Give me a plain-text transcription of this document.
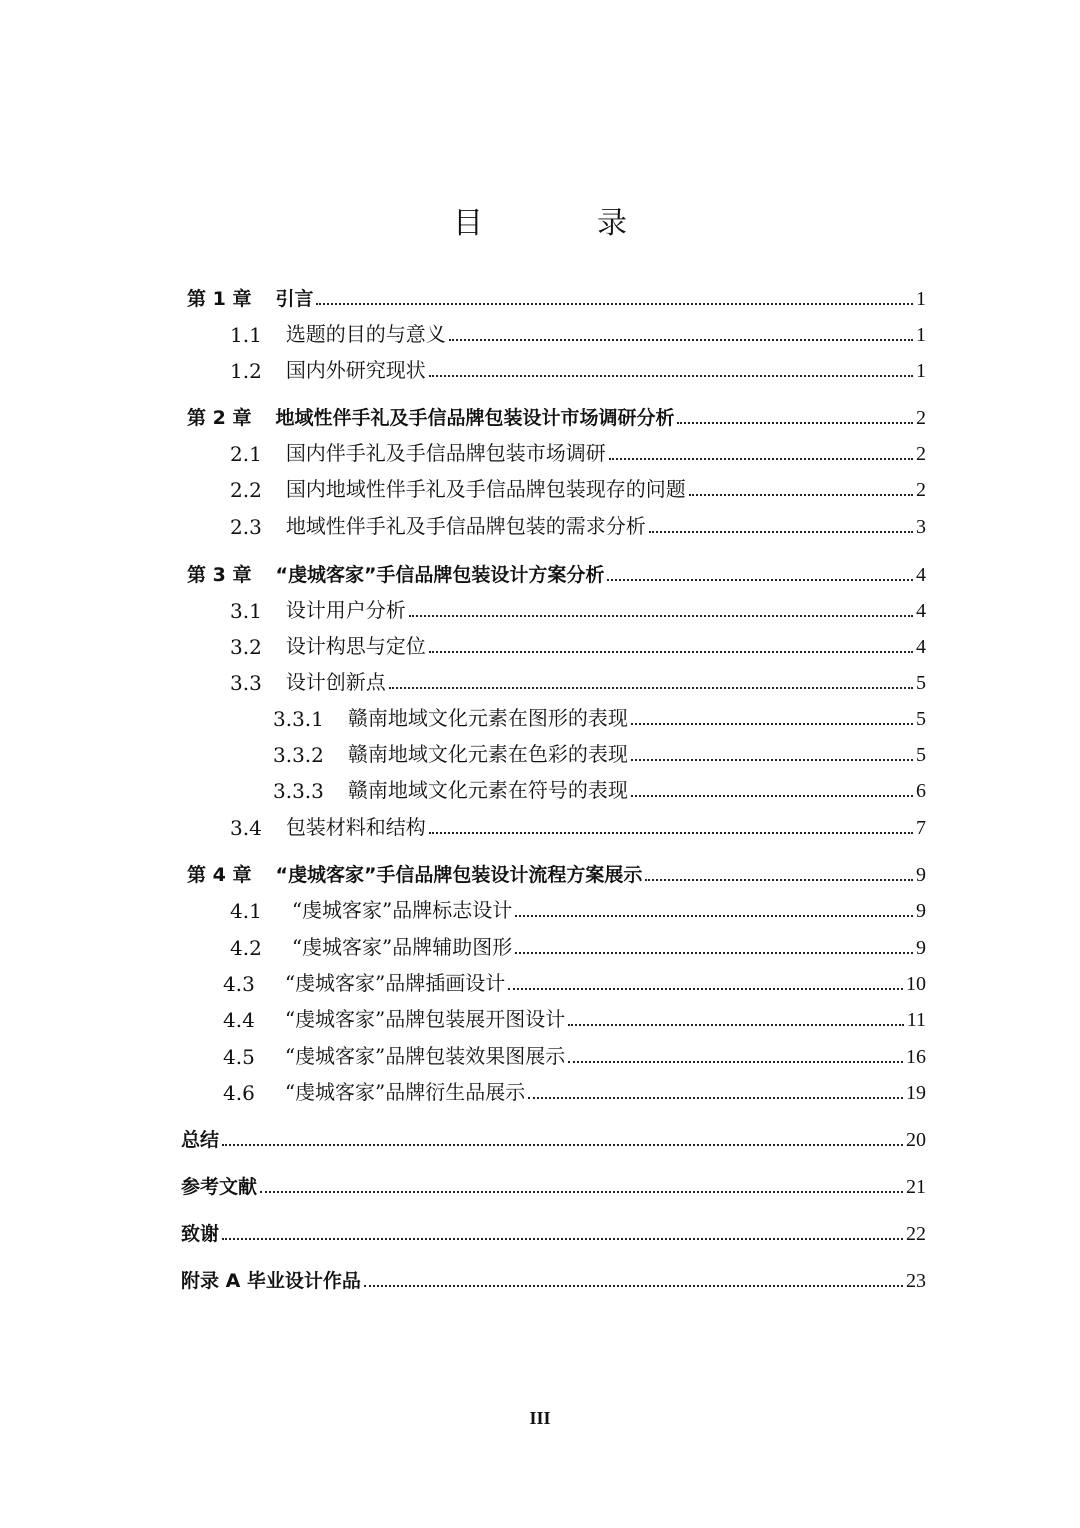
目　录
第 1 章 引言	1
1.1 选题的目的与意义	1
1.2 国内外研究现状	1
第 2 章 地域性伴手礼及手信品牌包装设计市场调研分析	2
2.1 国内伴手礼及手信品牌包装市场调研	2
2.2 国内地域性伴手礼及手信品牌包装现存的问题	2
2.3 地域性伴手礼及手信品牌包装的需求分析	3
第 3 章 “虔城客家”手信品牌包装设计方案分析	4
3.1 设计用户分析	4
3.2 设计构思与定位	4
3.3 设计创新点	5
3.3.1 赣南地域文化元素在图形的表现	5
3.3.2 赣南地域文化元素在色彩的表现	5
3.3.3 赣南地域文化元素在符号的表现	6
3.4 包装材料和结构	7
第 4 章 “虔城客家”手信品牌包装设计流程方案展示	9
4.1 “虔城客家”品牌标志设计	9
4.2 “虔城客家”品牌辅助图形	9
4.3 “虔城客家”品牌插画设计	10
4.4 “虔城客家”品牌包装展开图设计	11
4.5 “虔城客家”品牌包装效果图展示	16
4.6 “虔城客家”品牌衍生品展示	19
总结	20
参考文献	21
致谢	22
附录 A 毕业设计作品	23
III
